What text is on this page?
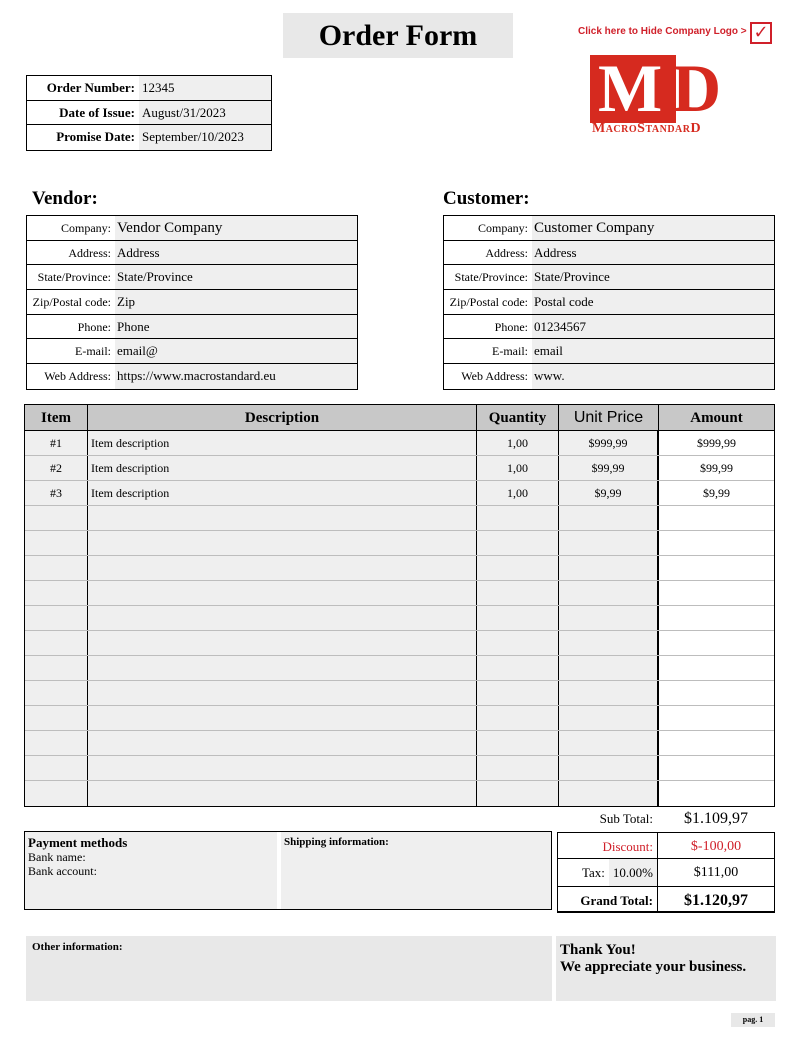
Order Form	Click here to Hide Company Logo > ✓
M D
MacroStandarD
Order Number: 12345
Date of Issue: August/31/2023
Promise Date: September/10/2023
Vendor:
Company: Vendor Company
Address: Address
State/Province: State/Province
Zip/Postal code: Zip
Phone: Phone
E-mail: email@
Web Address: https://www.macrostandard.eu
Customer:
Company: Customer Company
Address: Address
State/Province: State/Province
Zip/Postal code: Postal code
Phone: 01234567
E-mail: email
Web Address: www.
Item	Description	Quantity	Unit Price	Amount
#1	Item description	1,00	$999,99	$999,99
#2	Item description	1,00	$99,99	$99,99
#3	Item description	1,00	$9,99	$9,99
Sub Total:	$1.109,97
Discount:	$-100,00
Tax: 10.00%	$111,00
Grand Total:	$1.120,97
Payment methods
Bank name:
Bank account:
Shipping information:
Other information:	Thank You!
We appreciate your business.
pag. 1
